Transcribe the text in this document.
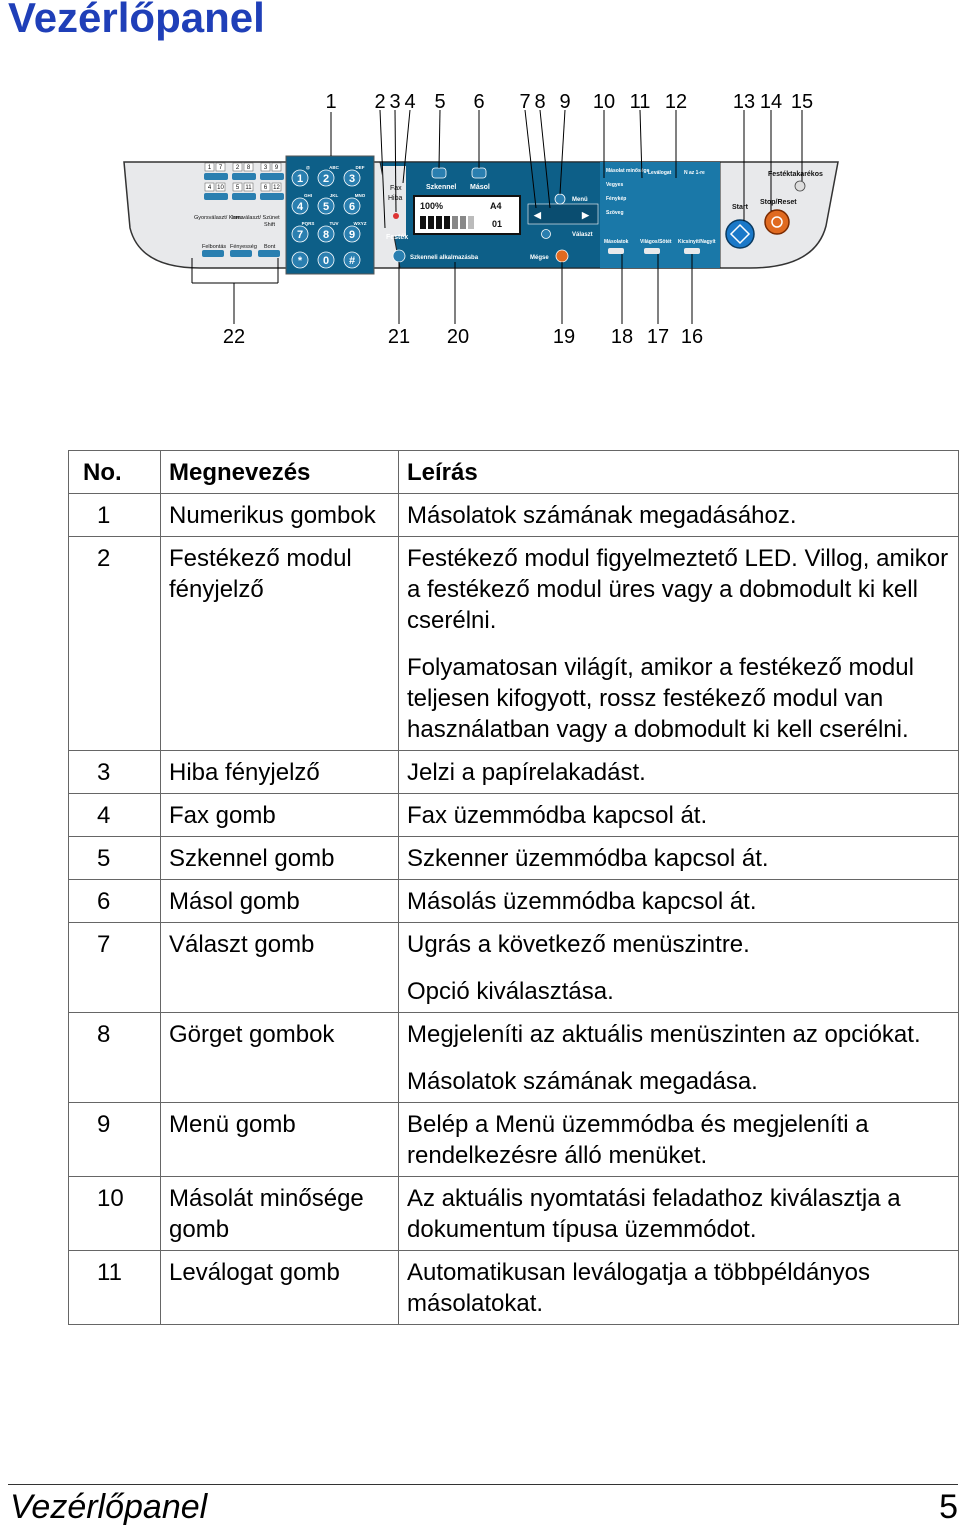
Vezérlőpanel
1 2 3 4 5 6 7 8 9 10 11 12 13 14 15
22	21 20	19 18 17 16
1 7 2 8 3 9
4 10 5 11 6 12
Gyorsválaszt/ Keres
Ism.választ/ Szünet
Shift
Felbontás Fényesség Bont
1 2 3
4 5 6
7 8 9
* 0 #
@	ABC	DEF
GHI	JKL	MNO
PQRS	TUV	WXYZ
Fax
Hiba
Festék
Szkennel Másol
100%	A4
01
◀	▶
Menü
Választ
Mégse
Szkenneli alkalmazásba
Másolat minősége
Vegyes
Fénykép
Szöveg
Leválogat	N az 1-re
Másolatok Világos/Sötét Kicsinyít/Nagyít
Festéktakarékos
Start
Stop/Reset
No.	Megnevezés	Leírás
1	Numerikus gombok	Másolatok számának megadásához.

2	Festékező modul fényjelző	Festékező modul figyelmeztető LED. Villog, amikor a festékező modul üres vagy a dobmodult ki kell cserélni.

Folyamatosan világít, amikor a festékező modul teljesen kifogyott, rossz festékező modul van használatban vagy a dobmodult ki kell cserélni.

3	Hiba fényjelző	Jelzi a papírelakadást.

4	Fax gomb	Fax üzemmódba kapcsol át.

5	Szkennel gomb	Szkenner üzemmódba kapcsol át.

6	Másol gomb	Másolás üzemmódba kapcsol át.

7	Választ gomb	Ugrás a következő menüszintre.

Opció kiválasztása.

8	Görget gombok	Megjeleníti az aktuális menüszinten az opciókat.

Másolatok számának megadása.

9	Menü gomb	Belép a Menü üzemmódba és megjeleníti a rendelkezésre álló menüket.

10	Másolát minősége gomb	Az aktuális nyomtatási feladathoz kiválasztja a dokumentum típusa üzemmódot.

11	Leválogat gomb	Automatikusan leválogatja a többpéldányos másolatokat.

Vezérlőpanel	5
